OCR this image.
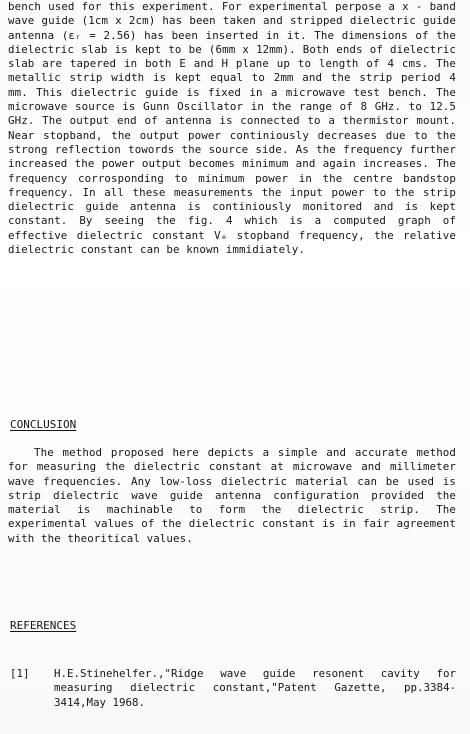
bench used for this experiment. For experimental perpose a x - band wave guide (1cm x 2cm) has been taken and stripped dielectric guide antenna (εᵣ = 2.56) has been inserted in it. The dimensions of the dielectric slab is kept to be (6mm x 12mm). Both ends of dielectric slab are tapered in both E and H plane up to length of 4 cms. The metallic strip width is kept equal to 2mm and the strip period 4 mm. This dielectric guide is fixed in a microwave test bench. The microwave source is Gunn Oscillator in the range of 8 GHz. to 12.5 GHz. The output end of antenna is connected to a thermistor mount. Near stopband, the output power continiously decreases due to the strong reflection towords the source side. As the frequency further increased the power output becomes minimum and again increases. The frequency corrosponding to minimum power in the centre bandstop frequency. In all these measurements the input power to the strip dielectric guide antenna is continiously monitored and is kept constant. By seeing the fig. 4 which is a computed graph of effective dielectric constant Vₑ stopband frequency, the relative dielectric constant can be known immidiately.

CONCLUSION

The method proposed here depicts a simple and accurate method for measuring the dielectric constant at microwave and millimeter wave frequencies. Any low-loss dielectric material can be used is strip dielectric wave guide antenna configuration provided the material is machinable to form the dielectric strip. The experimental values of the dielectric constant is in fair agreement with the theoritical values.

REFERENCES
[1]	H.E.Stinehelfer.,"Ridge wave guide resonent cavity for measuring dielectric constant,"Patent Gazette, pp.3384-3414,May 1968.
